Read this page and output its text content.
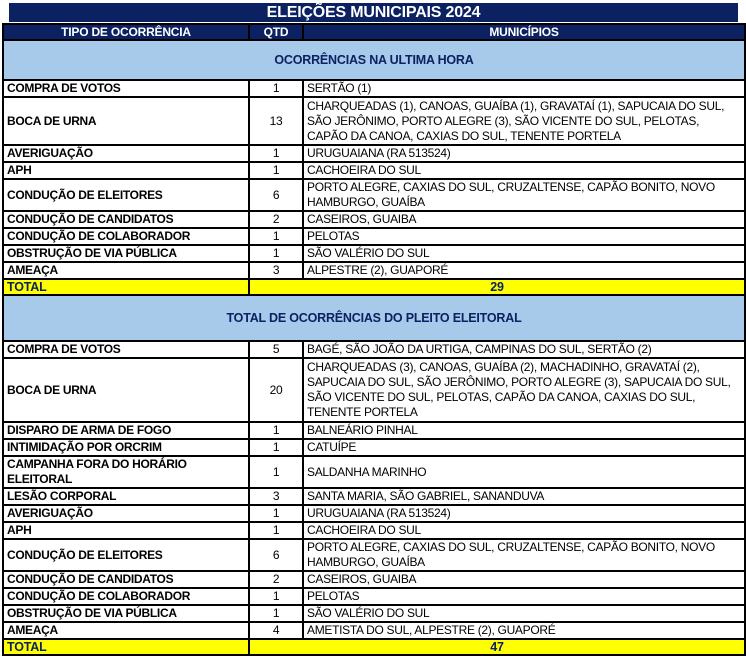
ELEIÇÕES MUNICIPAIS 2024
TIPO DE OCORRÊNCIA	QTD	MUNICÍPIOS
OCORRÊNCIAS NA ULTIMA HORA		
COMPRA DE VOTOS	1	SERTÃO (1)
BOCA DE URNA	13	CHARQUEADAS (1), CANOAS, GUAÍBA (1), GRAVATAÍ (1), SAPUCAIA DO SUL, SÃO JERÔNIMO, PORTO ALEGRE (3), SÃO VICENTE DO SUL, PELOTAS, CAPÃO DA CANOA, CAXIAS DO SUL, TENENTE PORTELA
AVERIGUAÇÃO	1	URUGUAIANA (RA 513524)
APH	1	CACHOEIRA DO SUL
CONDUÇÃO DE ELEITORES	6	PORTO ALEGRE, CAXIAS DO SUL, CRUZALTENSE, CAPÃO BONITO, NOVO HAMBURGO, GUAÍBA
CONDUÇÃO DE CANDIDATOS	2	CASEIROS, GUAIBA
CONDUÇÃO DE COLABORADOR	1	PELOTAS
OBSTRUÇÃO DE VIA PÚBLICA	1	SÃO VALÉRIO DO SUL
AMEAÇA	3	ALPESTRE (2), GUAPORÉ
TOTAL	29	
TOTAL DE OCORRÊNCIAS DO PLEITO ELEITORAL		
COMPRA DE VOTOS	5	BAGÉ, SÃO JOÃO DA URTIGA, CAMPINAS DO SUL, SERTÃO (2)
BOCA DE URNA	20	CHARQUEADAS (3), CANOAS, GUAÍBA (2), MACHADINHO, GRAVATAÍ (2), SAPUCAIA DO SUL, SÃO JERÔNIMO, PORTO ALEGRE (3), SAPUCAIA DO SUL, SÃO VICENTE DO SUL, PELOTAS, CAPÃO DA CANOA, CAXIAS DO SUL, TENENTE PORTELA
DISPARO DE ARMA DE FOGO	1	BALNEÁRIO PINHAL
INTIMIDAÇÃO POR ORCRIM	1	CATUÍPE
CAMPANHA FORA DO HORÁRIO ELEITORAL	1	SALDANHA MARINHO
LESÃO CORPORAL	3	SANTA MARIA, SÃO GABRIEL, SANANDUVA
AVERIGUAÇÃO	1	URUGUAIANA (RA 513524)
APH	1	CACHOEIRA DO SUL
CONDUÇÃO DE ELEITORES	6	PORTO ALEGRE, CAXIAS DO SUL, CRUZALTENSE, CAPÃO BONITO, NOVO HAMBURGO, GUAÍBA
CONDUÇÃO DE CANDIDATOS	2	CASEIROS, GUAIBA
CONDUÇÃO DE COLABORADOR	1	PELOTAS
OBSTRUÇÃO DE VIA PÚBLICA	1	SÃO VALÉRIO DO SUL
AMEAÇA	4	AMETISTA DO SUL, ALPESTRE (2), GUAPORÉ
TOTAL	47	
